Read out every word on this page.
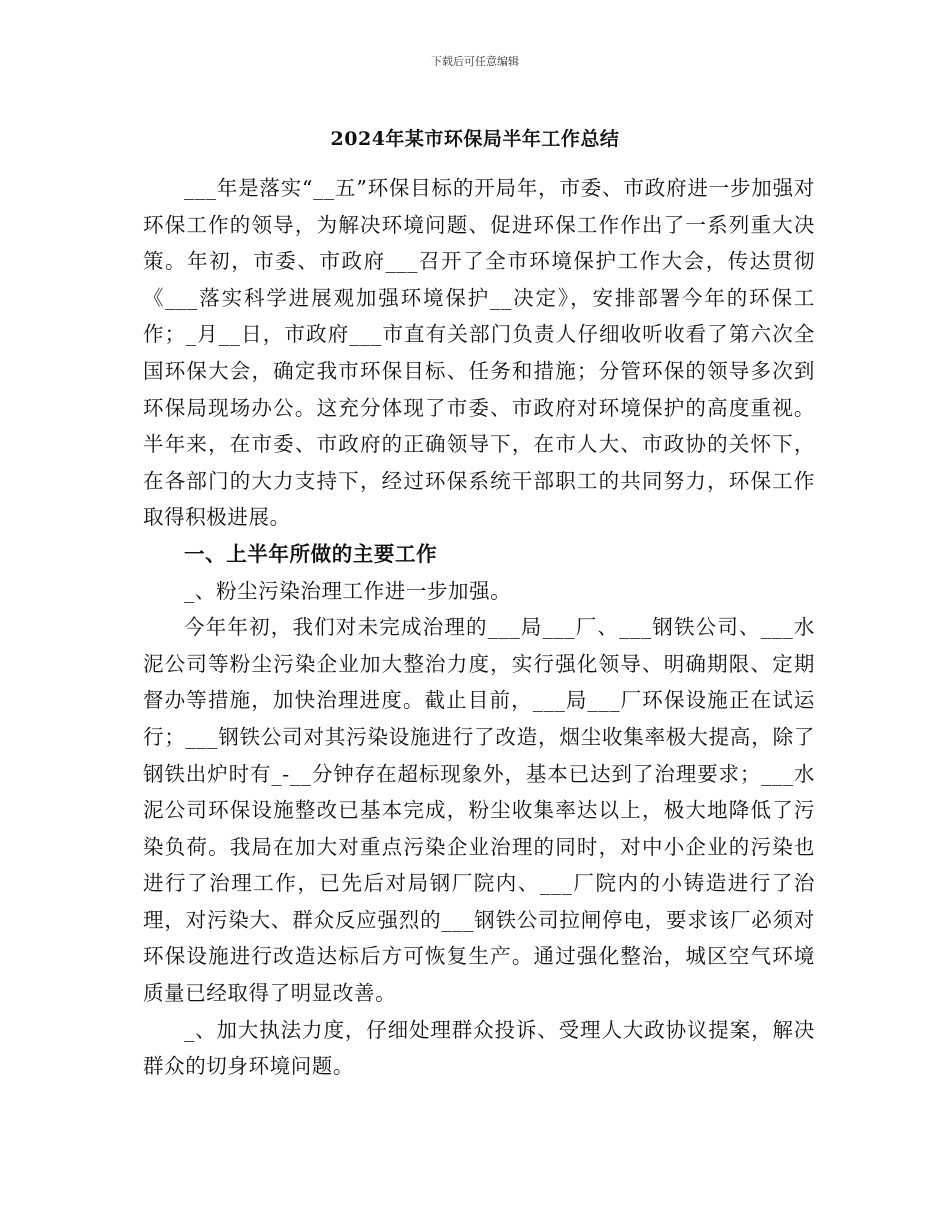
下载后可任意编辑
2024年某市环保局半年工作总结

___年是落实“__五”环保目标的开局年，市委、市政府进一步加强对环保工作的领导，为解决环境问题、促进环保工作作出了一系列重大决策。年初，市委、市政府___召开了全市环境保护工作大会，传达贯彻《___落实科学进展观加强环境保护__决定》，安排部署今年的环保工作；_月__日，市政府___市直有关部门负责人仔细收听收看了第六次全国环保大会，确定我市环保目标、任务和措施；分管环保的领导多次到环保局现场办公。这充分体现了市委、市政府对环境保护的高度重视。半年来，在市委、市政府的正确领导下，在市人大、市政协的关怀下，在各部门的大力支持下，经过环保系统干部职工的共同努力，环保工作取得积极进展。

一、上半年所做的主要工作

_、粉尘污染治理工作进一步加强。

今年年初，我们对未完成治理的___局___厂、___钢铁公司、___水泥公司等粉尘污染企业加大整治力度，实行强化领导、明确期限、定期督办等措施，加快治理进度。截止目前，___局___厂环保设施正在试运行；___钢铁公司对其污染设施进行了改造，烟尘收集率极大提高，除了钢铁出炉时有_-__分钟存在超标现象外，基本已达到了治理要求；___水泥公司环保设施整改已基本完成，粉尘收集率达以上，极大地降低了污染负荷。我局在加大对重点污染企业治理的同时，对中小企业的污染也进行了治理工作，已先后对局钢厂院内、___厂院内的小铸造进行了治理，对污染大、群众反应强烈的___钢铁公司拉闸停电，要求该厂必须对环保设施进行改造达标后方可恢复生产。通过强化整治，城区空气环境质量已经取得了明显改善。

_、加大执法力度，仔细处理群众投诉、受理人大政协议提案，解决群众的切身环境问题。
